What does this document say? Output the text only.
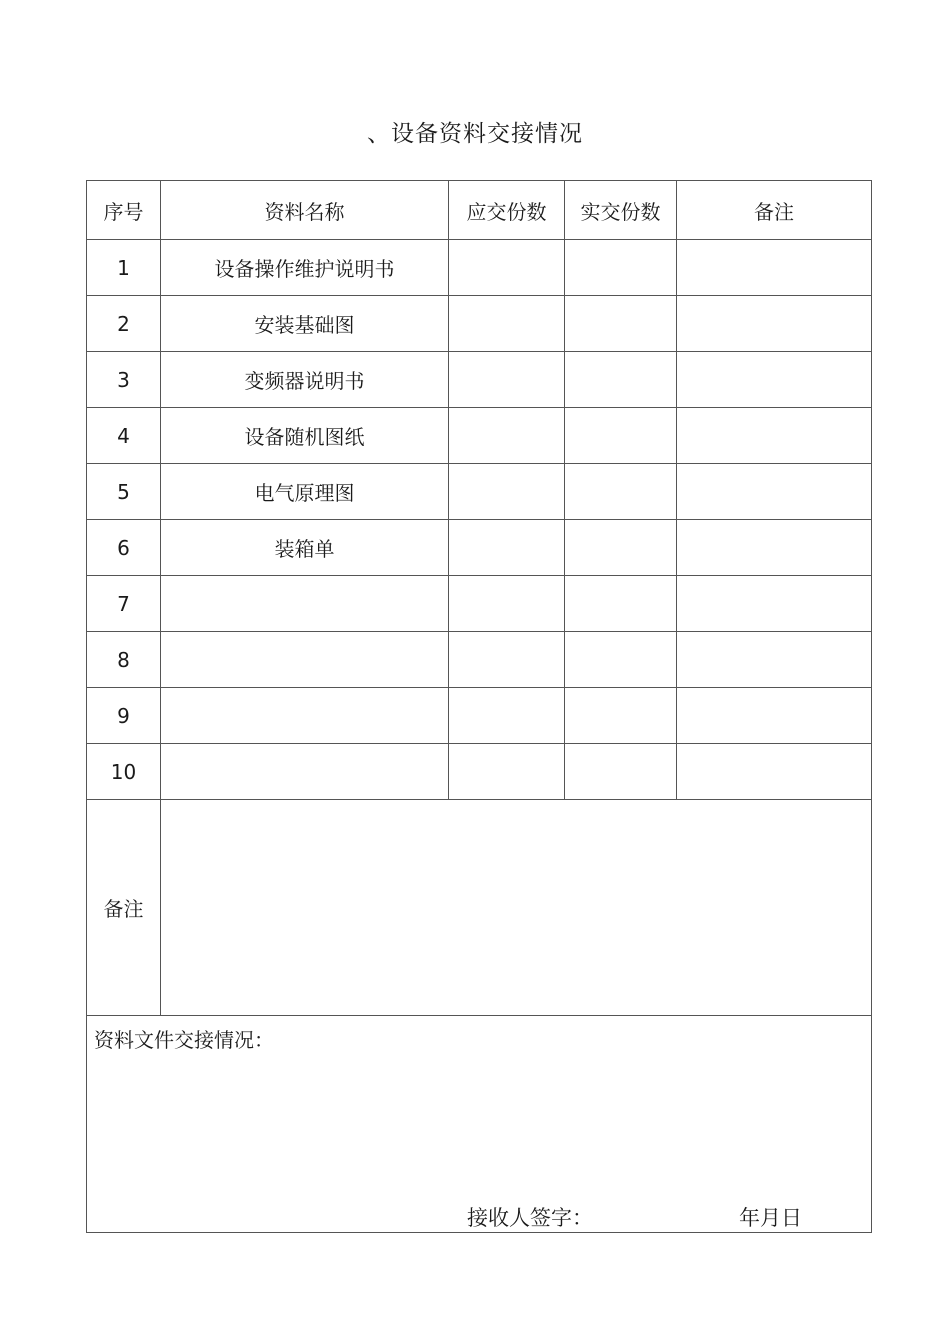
、设备资料交接情况
序号	资料名称	应交份数	实交份数	备注
1	设备操作维护说明书			
2	安装基础图			
3	变频器说明书			
4	设备随机图纸			
5	电气原理图			
6	装箱单			
7				
8				
9				
10				
备注				

资料文件交接情况：
接收人签字： 年月日				
